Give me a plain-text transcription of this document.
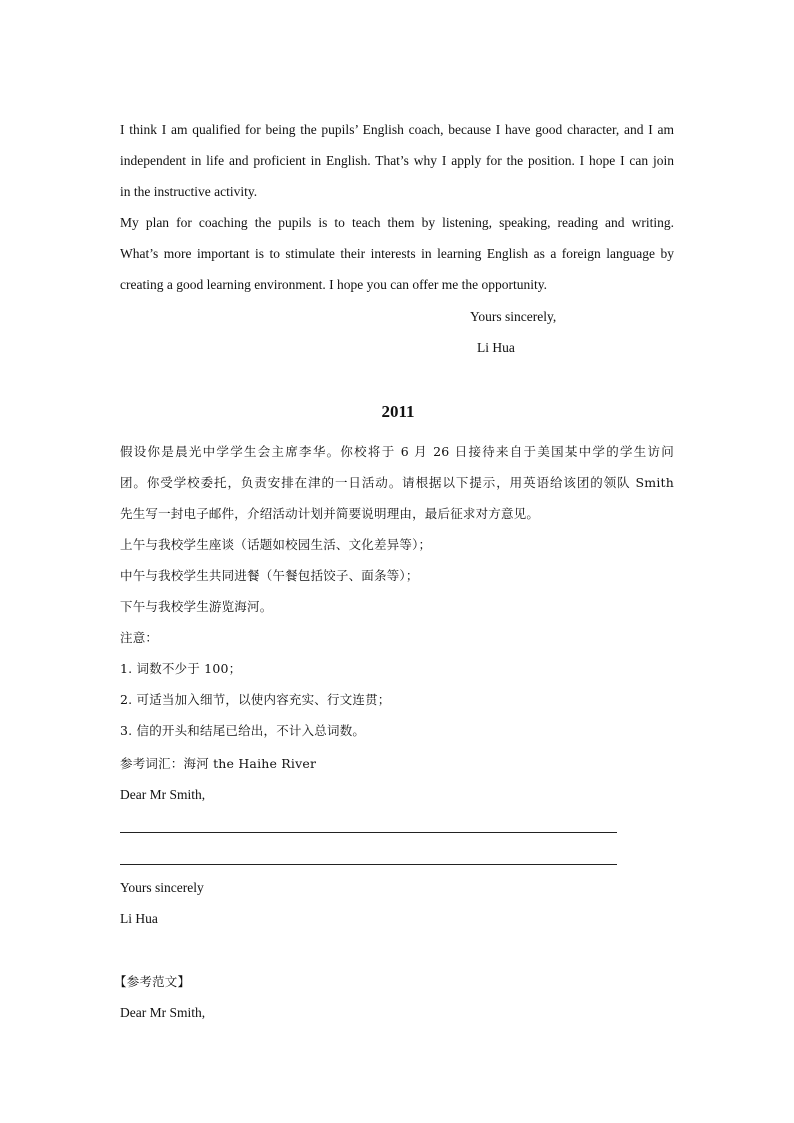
I think I am qualified for being the pupils’ English coach, because I have good character, and I am
independent in life and proficient in English. That’s why I apply for the position. I hope I can join
in the instructive activity.
My plan for coaching the pupils is to teach them by listening, speaking, reading and writing.
What’s more important is to stimulate their interests in learning English as a foreign language by
creating a good learning environment. I hope you can offer me the opportunity.
Yours sincerely,
Li Hua
2011
假设你是晨光中学学生会主席李华。你校将于 6 月 26 日接待来自于美国某中学的学生访问
团。你受学校委托，负责安排在津的一日活动。请根据以下提示，用英语给该团的领队 Smith
先生写一封电子邮件，介绍活动计划并简要说明理由，最后征求对方意见。
上午与我校学生座谈（话题如校园生活、文化差异等）；
中午与我校学生共同进餐（午餐包括饺子、面条等）；
下午与我校学生游览海河。
注意：
1. 词数不少于 100；
2. 可适当加入细节，以使内容充实、行文连贯；
3. 信的开头和结尾已给出，不计入总词数。
参考词汇：海河 the Haihe River
Dear Mr Smith,
Yours sincerely
Li Hua
【参考范文】
Dear Mr Smith,
